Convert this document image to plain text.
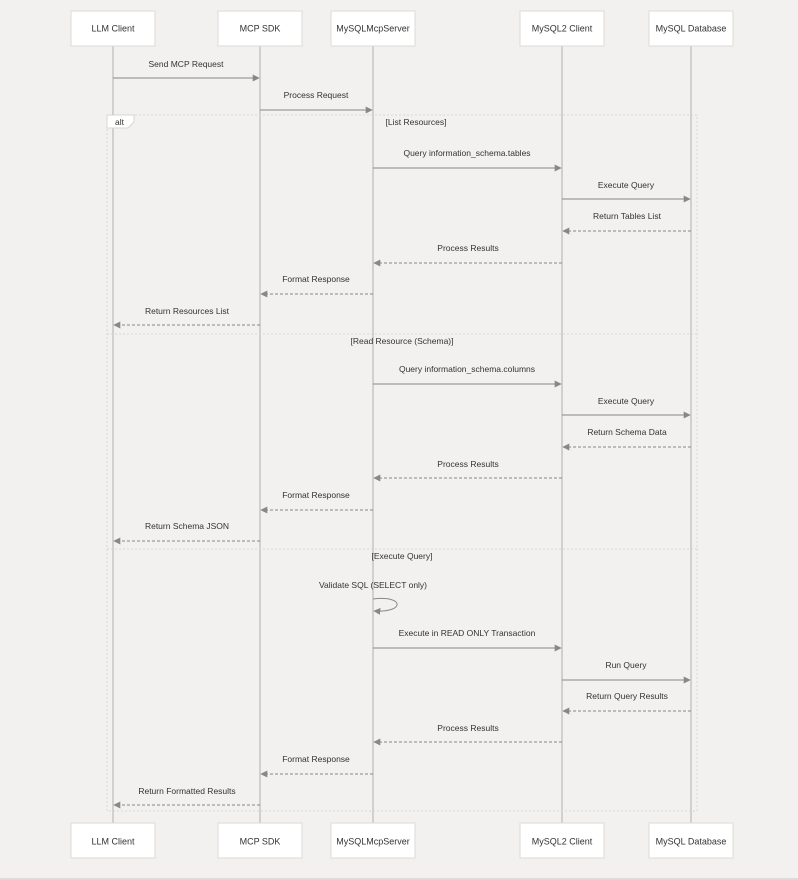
alt	[List Resources]
[Read Resource (Schema)]
[Execute Query]
Send MCP Request
Process Request
Query information_schema.tables
Execute Query
Return Tables List
Process Results
Format Response
Return Resources List
Query information_schema.columns
Execute Query
Return Schema Data
Process Results
Format Response
Return Schema JSON
Validate SQL (SELECT only)
Execute in READ ONLY Transaction
Run Query
Return Query Results
Process Results
Format Response
Return Formatted Results
LLM Client	MCP SDK	MySQLMcpServer	MySQL2 Client	MySQL Database
LLM Client	MCP SDK	MySQLMcpServer	MySQL2 Client	MySQL Database
